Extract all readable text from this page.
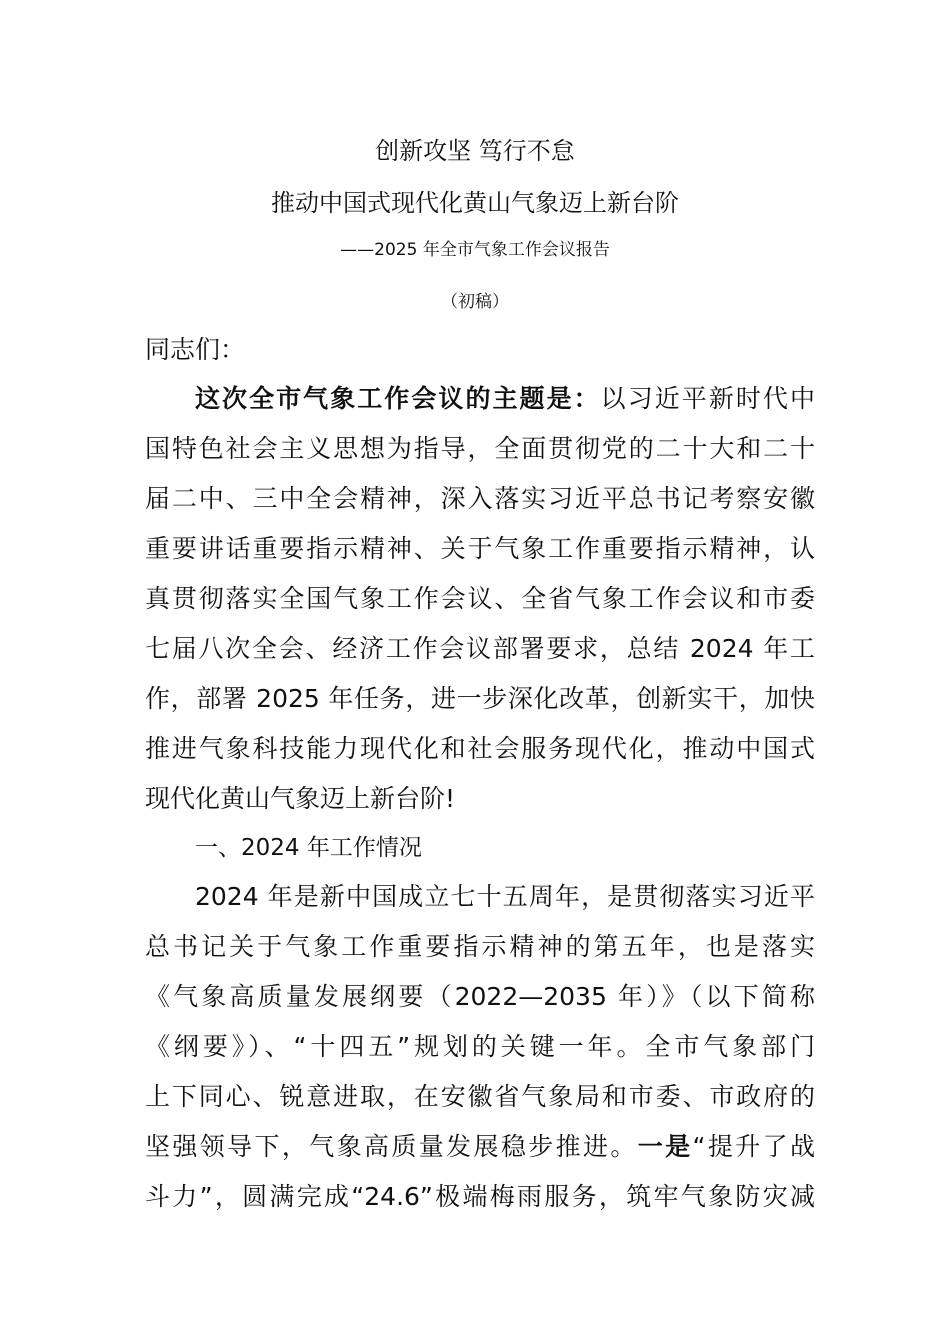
创新攻坚 笃行不怠
推动中国式现代化黄山气象迈上新台阶
——2025 年全市气象工作会议报告
（初稿）
同志们：
这次全市气象工作会议的主题是：以习近平新时代中
国特色社会主义思想为指导，全面贯彻党的二十大和二十
届二中、三中全会精神，深入落实习近平总书记考察安徽
重要讲话重要指示精神、关于气象工作重要指示精神，认
真贯彻落实全国气象工作会议、全省气象工作会议和市委
七届八次全会、经济工作会议部署要求，总结 2024 年工
作，部署 2025 年任务，进一步深化改革，创新实干，加快
推进气象科技能力现代化和社会服务现代化，推动中国式
现代化黄山气象迈上新台阶!
一、2024 年工作情况
2024 年是新中国成立七十五周年，是贯彻落实习近平
总书记关于气象工作重要指示精神的第五年，也是落实
《气象高质量发展纲要（2022—2035 年）》（以下简称
《纲要》）、“十四五”规划的关键一年。全市气象部门
上下同心、锐意进取，在安徽省气象局和市委、市政府的
坚强领导下，气象高质量发展稳步推进。一是“提升了战
斗力”，圆满完成“24.6”极端梅雨服务，筑牢气象防灾减
